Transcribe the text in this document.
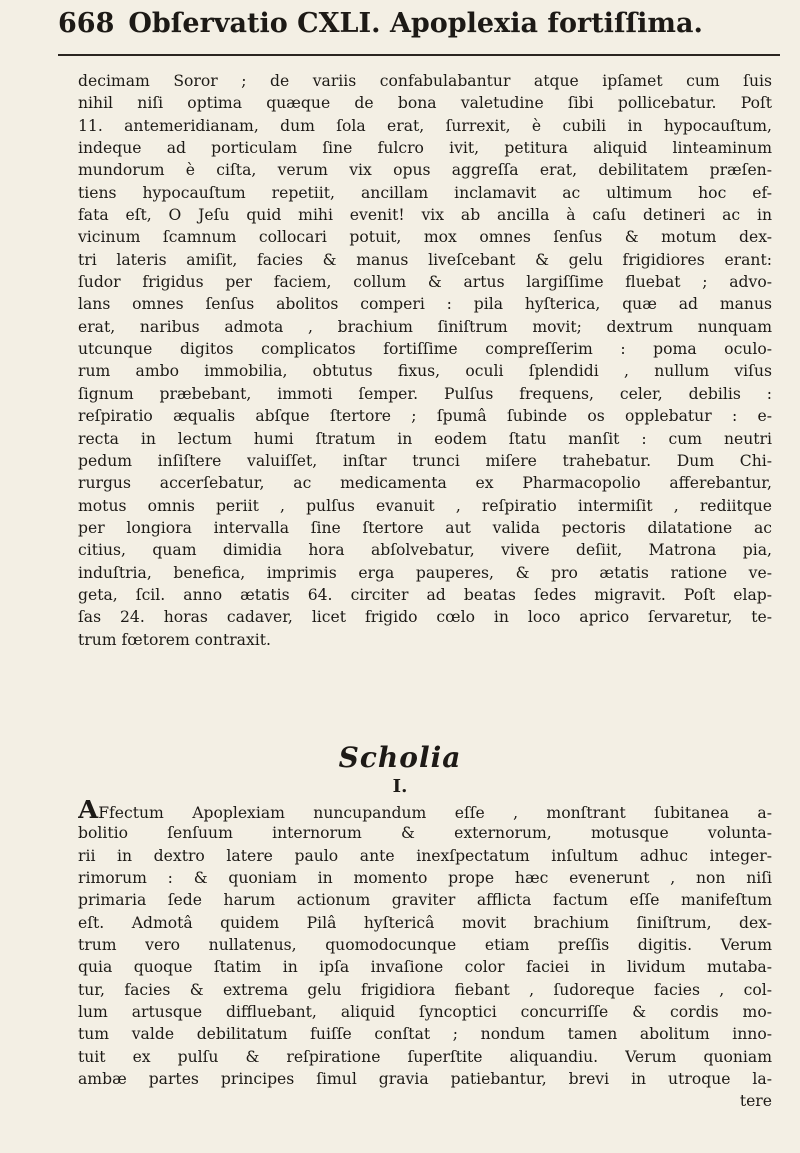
668 Obſervatio CXLI. Apoplexia fortiſſima.
decimam Soror ; de variis confabulabantur atque ipſamet cum ſuis
nihil niſi optima quæque de bona valetudine ſibi pollicebatur. Poſt
11. antemeridianam, dum ſola erat, ſurrexit, è cubili in hypocauſtum,
indeque ad porticulam ſine fulcro ivit, petitura aliquid linteaminum
mundorum è ciſta, verum vix opus aggreſſa erat, debilitatem præſen-
tiens hypocauſtum repetiit, ancillam inclamavit ac ultimum hoc ef-
fata eſt, O Jeſu quid mihi evenit! vix ab ancilla à caſu detineri ac in
vicinum ſcamnum collocari potuit, mox omnes ſenſus & motum dex-
tri lateris amiſit, facies & manus liveſcebant & gelu frigidiores erant:
ſudor frigidus per faciem, collum & artus largiſſime fluebat ; advo-
lans omnes ſenſus abolitos comperi : pila hyſterica, quæ ad manus
erat, naribus admota , brachium ſiniſtrum movit; dextrum nunquam
utcunque digitos complicatos fortiſſime compreſſerim : poma oculo-
rum ambo immobilia, obtutus fixus, oculi ſplendidi , nullum viſus
ſignum præbebant, immoti ſemper. Pulſus frequens, celer, debilis :
reſpiratio æqualis abſque ſtertore ; ſpumâ ſubinde os opplebatur : e-
recta in lectum humi ſtratum in eodem ſtatu manſit : cum neutri
pedum inſiſtere valuiſſet, inſtar trunci miſere trahebatur. Dum Chi-
rurgus accerſebatur, ac medicamenta ex Pharmacopolio afferebantur,
motus omnis periit , pulſus evanuit , reſpiratio intermiſit , rediitque
per longiora intervalla ſine ſtertore aut valida pectoris dilatatione ac
citius, quam dimidia hora abſolvebatur, vivere deſiit, Matrona pia,
induſtria, benefica, imprimis erga pauperes, & pro ætatis ratione ve-
geta, ſcil. anno ætatis 64. circiter ad beatas ſedes migravit. Poſt elap-
ſas 24. horas cadaver, licet frigido cœlo in loco aprico ſervaretur, te-
trum fœtorem contraxit.
Scholia
I.
AFfectum Apoplexiam nuncupandum eſſe , monſtrant ſubitanea a-
bolitio ſenſuum internorum & externorum, motusque volunta-
rii in dextro latere paulo ante inexſpectatum inſultum adhuc integer-
rimorum : & quoniam in momento prope hæc evenerunt , non niſi
primaria ſede harum actionum graviter afflicta factum eſſe manifeſtum
eſt. Admotâ quidem Pilâ hyſtericâ movit brachium ſiniſtrum, dex-
trum vero nullatenus, quomodocunque etiam preſſis digitis. Verum
quia quoque ſtatim in ipſa invaſione color faciei in lividum mutaba-
tur, facies & extrema gelu frigidiora fiebant , ſudoreque facies , col-
lum artusque diffluebant, aliquid ſyncoptici concurriſſe & cordis mo-
tum valde debilitatum fuiſſe conſtat ; nondum tamen abolitum inno-
tuit ex pulſu & reſpiratione ſuperſtite aliquandiu. Verum quoniam
ambæ partes principes ſimul gravia patiebantur, brevi in utroque la-
tere
